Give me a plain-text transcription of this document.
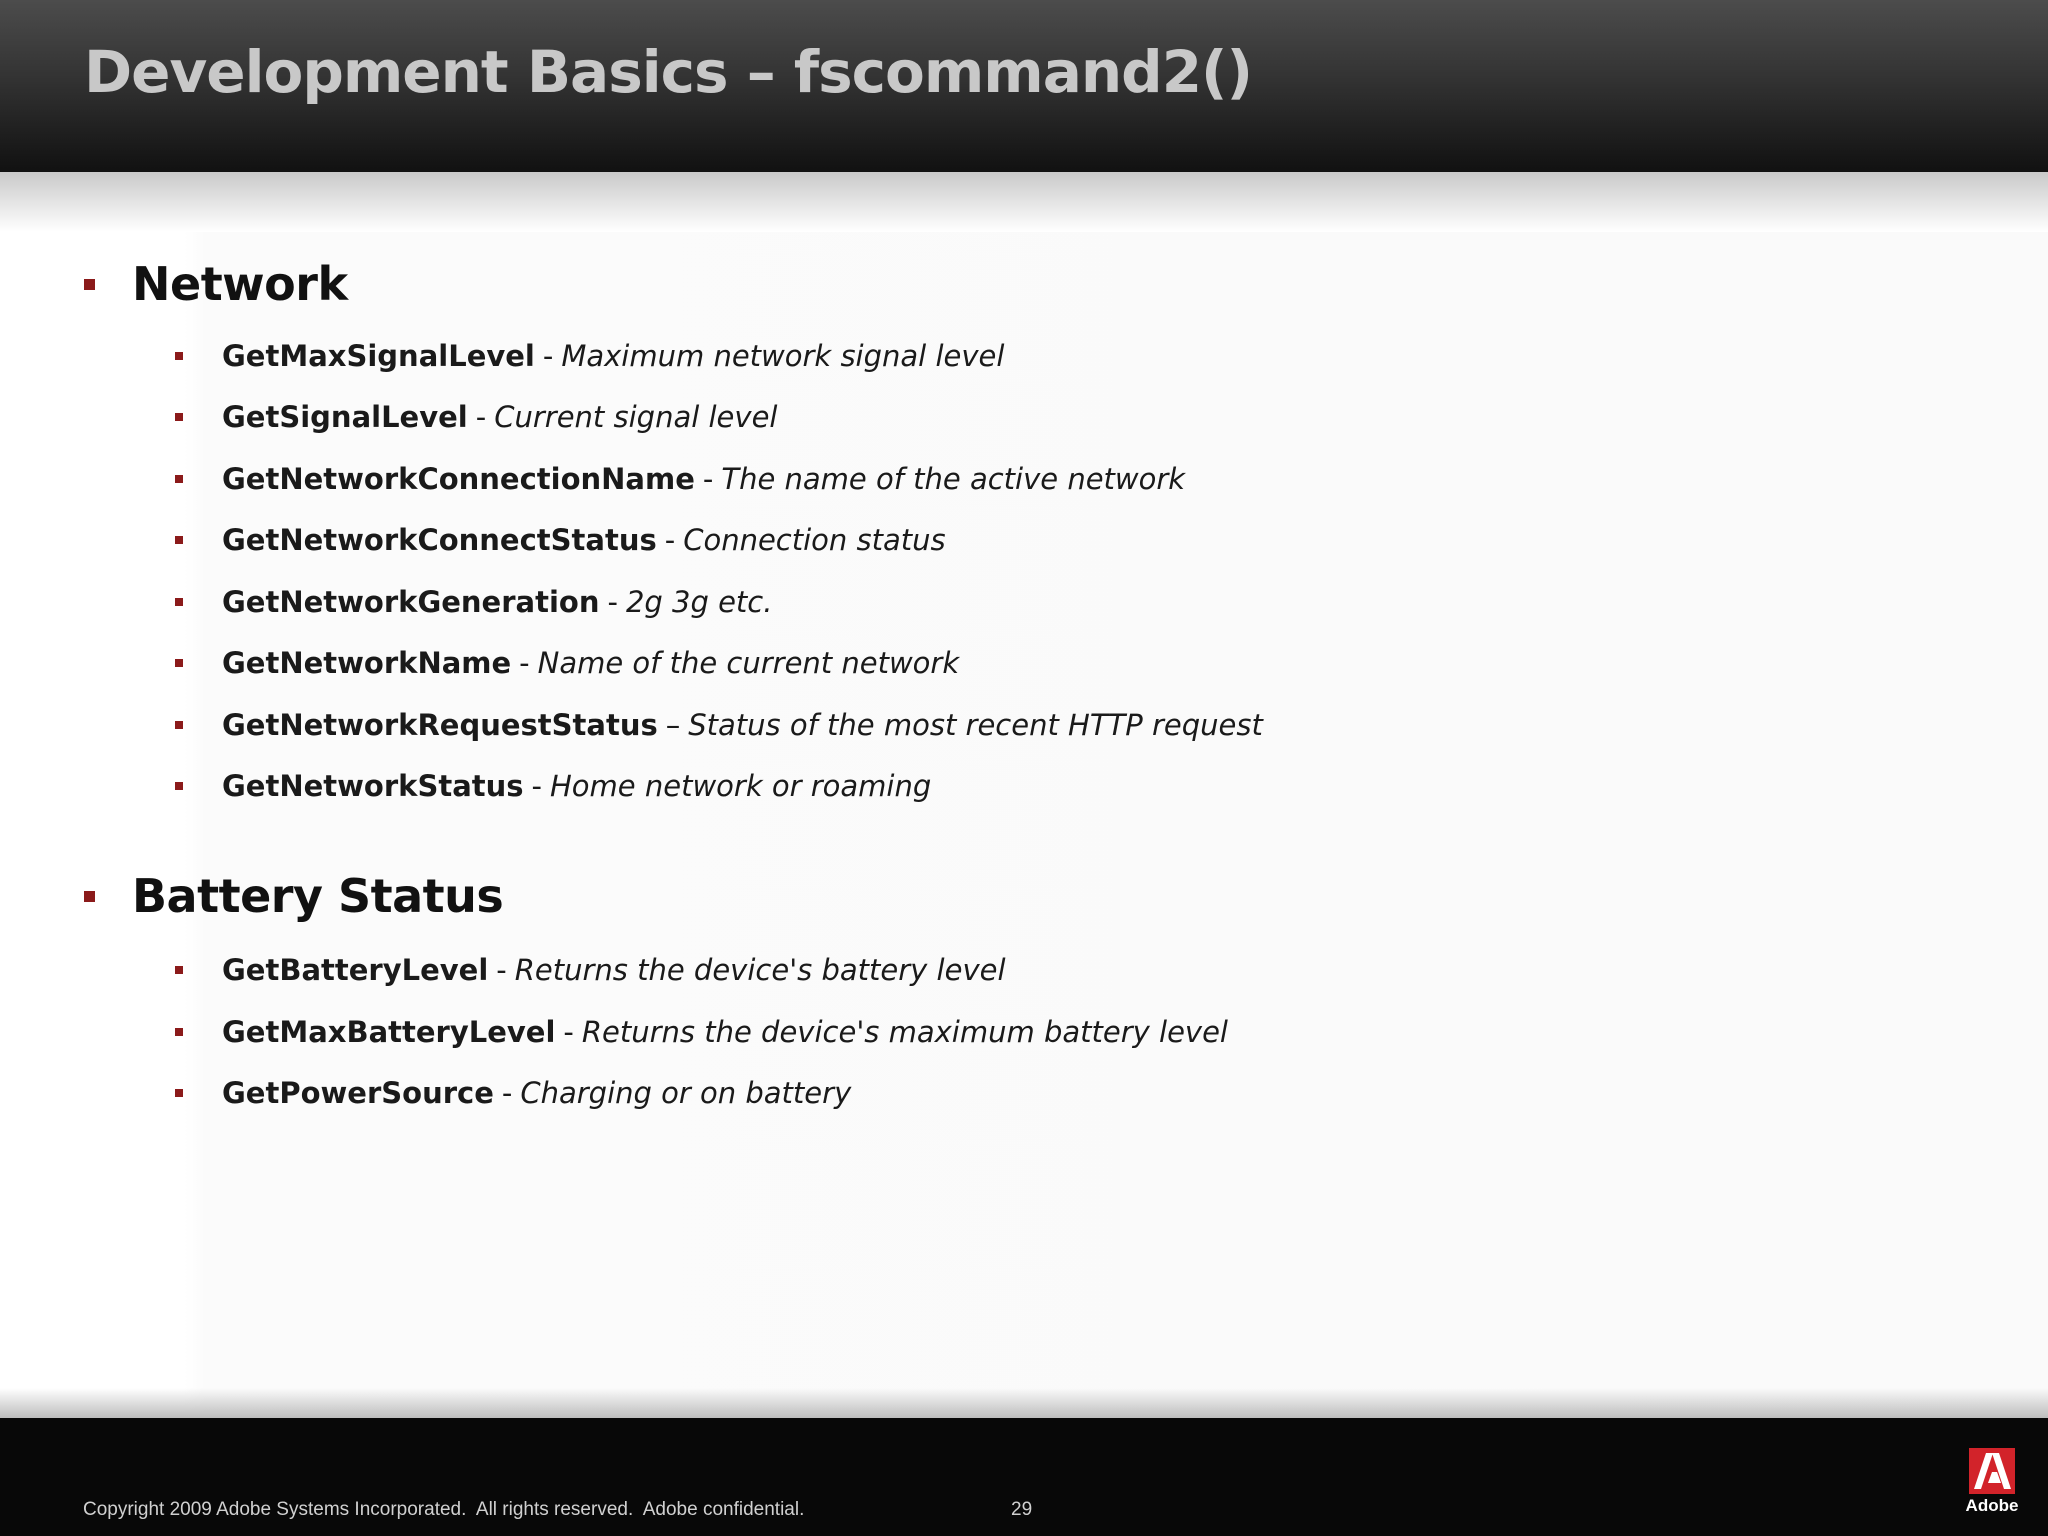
Development Basics – fscommand2()
Network
GetMaxSignalLevel - Maximum network signal level
GetSignalLevel - Current signal level
GetNetworkConnectionName - The name of the active network
GetNetworkConnectStatus - Connection status
GetNetworkGeneration - 2g 3g etc.
GetNetworkName - Name of the current network
GetNetworkRequestStatus – Status of the most recent HTTP request
GetNetworkStatus - Home network or roaming
Battery Status
GetBatteryLevel - Returns the device's battery level
GetMaxBatteryLevel - Returns the device's maximum battery level
GetPowerSource - Charging or on battery
Copyright 2009 Adobe Systems Incorporated.  All rights reserved.  Adobe confidential.	29	Adobe
